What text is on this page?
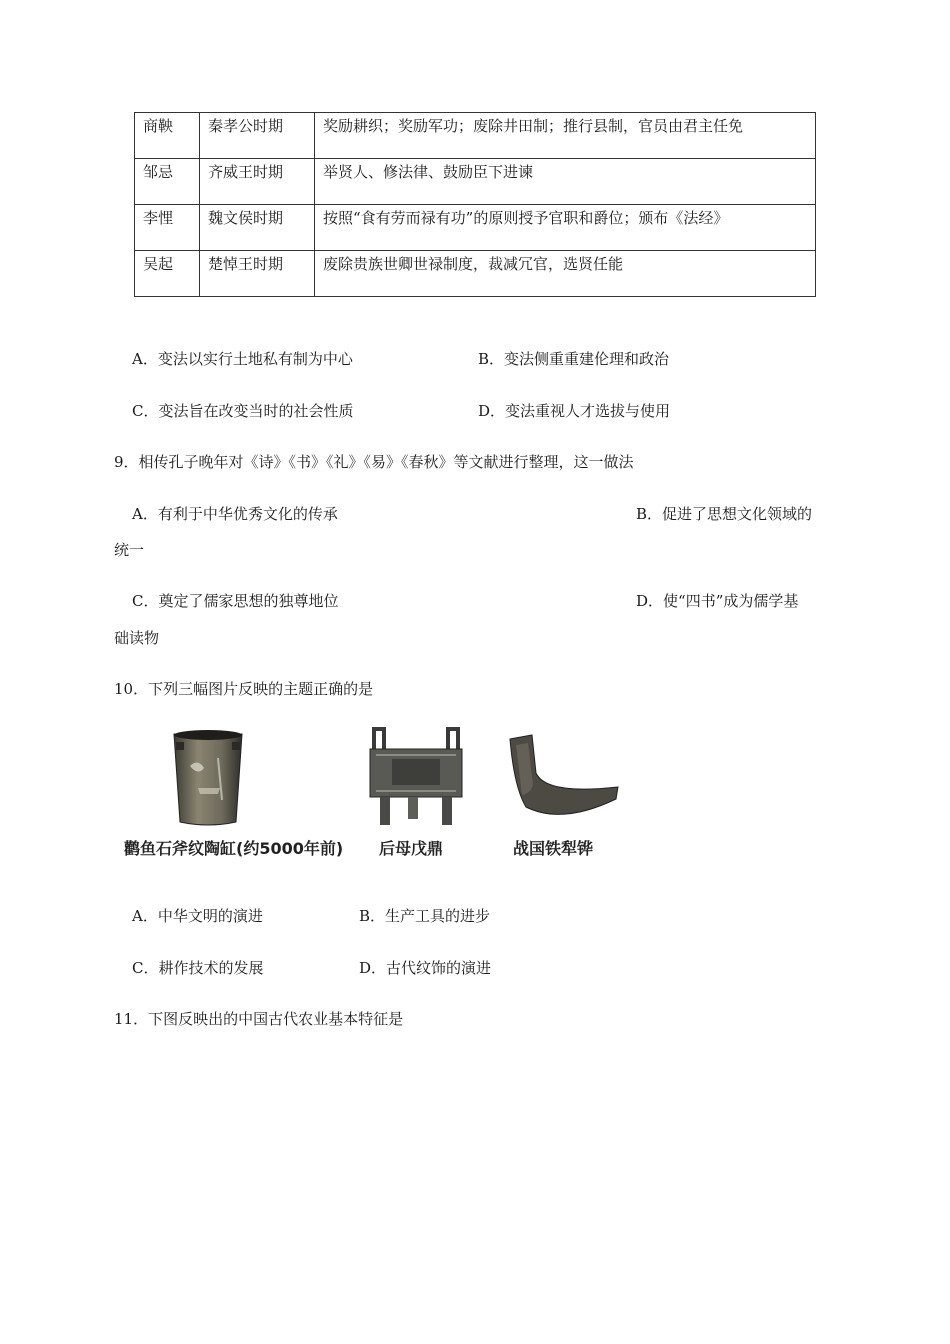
商鞅	秦孝公时期	奖励耕织；奖励军功；废除井田制；推行县制，官员由君主任免
邹忌	齐威王时期	举贤人、修法律、鼓励臣下进谏
李悝	魏文侯时期	按照“食有劳而禄有功”的原则授予官职和爵位；颁布《法经》
吴起	楚悼王时期	废除贵族世卿世禄制度，裁减冗官，选贤任能
A．变法以实行土地私有制为中心	B．变法侧重重建伦理和政治
C．变法旨在改变当时的社会性质	D．变法重视人才选拔与使用
9．相传孔子晚年对《诗》《书》《礼》《易》《春秋》等文献进行整理，这一做法
A．有利于中华优秀文化的传承	B．促进了思想文化领域的
统一
C．奠定了儒家思想的独尊地位	D．使“四书”成为儒学基
础读物
10．下列三幅图片反映的主题正确的是
鹳鱼石斧纹陶缸(约5000年前) 后母戊鼎	战国铁犁铧
A．中华文明的演进	B．生产工具的进步
C．耕作技术的发展	D．古代纹饰的演进
11．下图反映出的中国古代农业基本特征是
